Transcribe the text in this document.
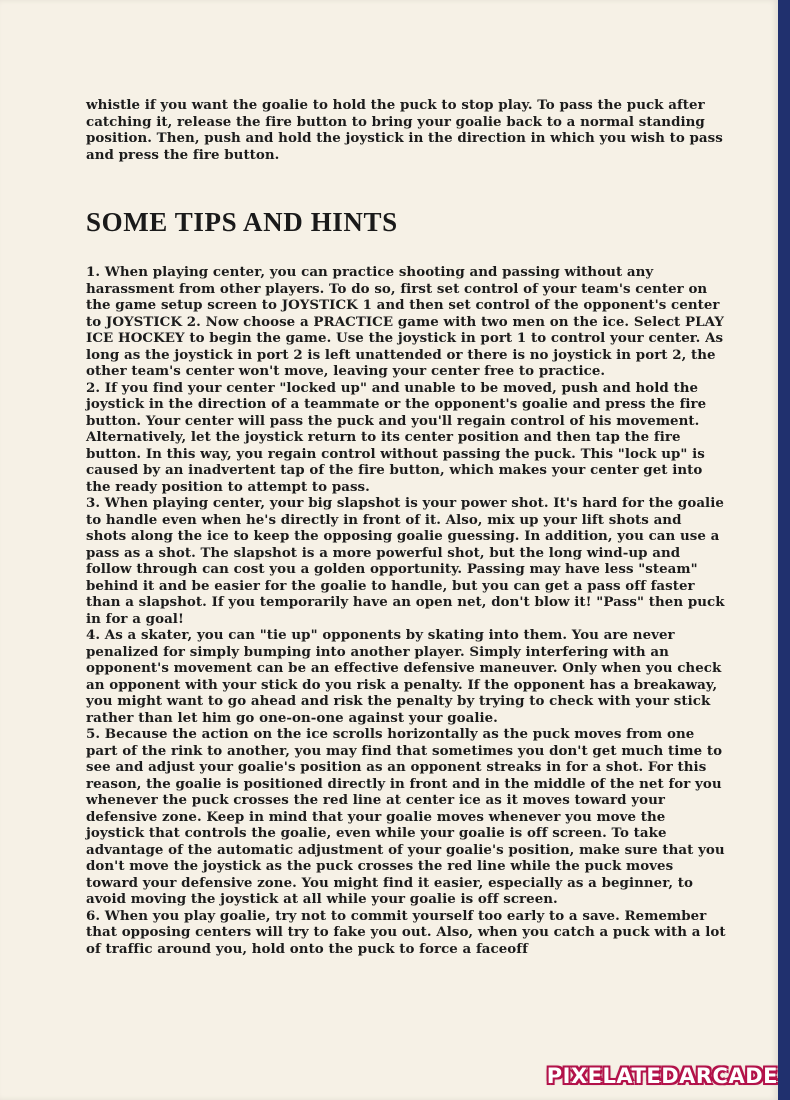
whistle if you want the goalie to hold the puck to stop play. To pass the puck after catching it, release the fire button to bring your goalie back to a normal standing position. Then, push and hold the joystick in the direction in which you wish to pass and press the fire button.

SOME TIPS AND HINTS

1. When playing center, you can practice shooting and passing without any harassment from other players. To do so, first set control of your team's center on the game setup screen to JOYSTICK 1 and then set control of the opponent's center to JOYSTICK 2. Now choose a PRACTICE game with two men on the ice. Select PLAY ICE HOCKEY to begin the game. Use the joystick in port 1 to control your center. As long as the joystick in port 2 is left unattended or there is no joystick in port 2, the other team's center won't move, leaving your center free to practice.

2. If you find your center "locked up" and unable to be moved, push and hold the joystick in the direction of a teammate or the opponent's goalie and press the fire button. Your center will pass the puck and you'll regain control of his movement. Alternatively, let the joystick return to its center position and then tap the fire button. In this way, you regain control without passing the puck. This "lock up" is caused by an inadvertent tap of the fire button, which makes your center get into the ready position to attempt to pass.

3. When playing center, your big slapshot is your power shot. It's hard for the goalie to handle even when he's directly in front of it. Also, mix up your lift shots and shots along the ice to keep the opposing goalie guessing. In addition, you can use a pass as a shot. The slapshot is a more powerful shot, but the long wind-up and follow through can cost you a golden opportunity. Passing may have less "steam" behind it and be easier for the goalie to handle, but you can get a pass off faster than a slapshot. If you temporarily have an open net, don't blow it! "Pass" then puck in for a goal!

4. As a skater, you can "tie up" opponents by skating into them. You are never penalized for simply bumping into another player. Simply interfering with an opponent's movement can be an effective defensive maneuver. Only when you check an opponent with your stick do you risk a penalty. If the opponent has a breakaway, you might want to go ahead and risk the penalty by trying to check with your stick rather than let him go one-on-one against your goalie.

5. Because the action on the ice scrolls horizontally as the puck moves from one part of the rink to another, you may find that sometimes you don't get much time to see and adjust your goalie's position as an opponent streaks in for a shot. For this reason, the goalie is positioned directly in front and in the middle of the net for you whenever the puck crosses the red line at center ice as it moves toward your defensive zone. Keep in mind that your goalie moves whenever you move the joystick that controls the goalie, even while your goalie is off screen. To take advantage of the automatic adjustment of your goalie's position, make sure that you don't move the joystick as the puck crosses the red line while the puck moves toward your defensive zone. You might find it easier, especially as a beginner, to avoid moving the joystick at all while your goalie is off screen.

6. When you play goalie, try not to commit yourself too early to a save. Remember that opposing centers will try to fake you out. Also, when you catch a puck with a lot of traffic around you, hold onto the puck to force a faceoff

PIXELATEDARCADE
